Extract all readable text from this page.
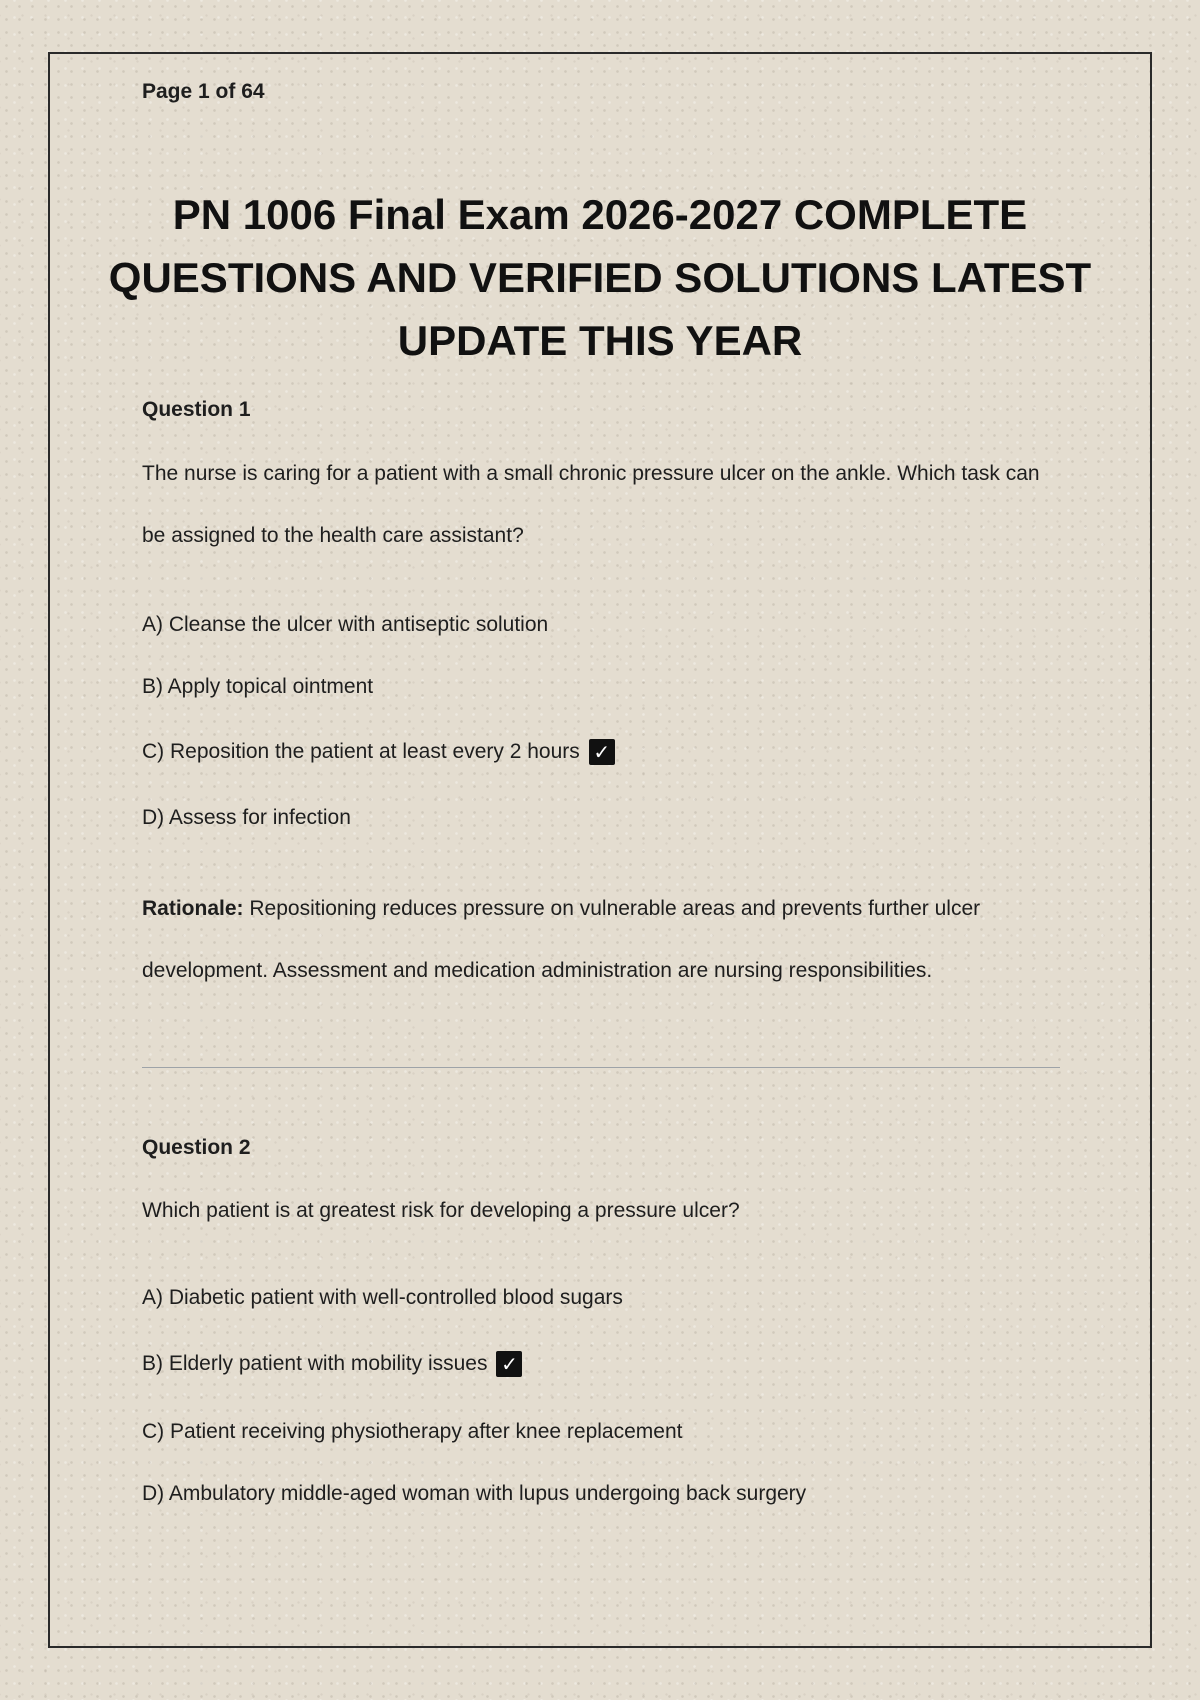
Page 1 of 64
PN 1006 Final Exam 2026-2027 COMPLETE QUESTIONS AND VERIFIED SOLUTIONS LATEST UPDATE THIS YEAR
Question 1
The nurse is caring for a patient with a small chronic pressure ulcer on the ankle. Which task can be assigned to the health care assistant?
A) Cleanse the ulcer with antiseptic solution
B) Apply topical ointment
C) Reposition the patient at least every 2 hours ✓
D) Assess for infection
Rationale: Repositioning reduces pressure on vulnerable areas and prevents further ulcer development. Assessment and medication administration are nursing responsibilities.
Question 2
Which patient is at greatest risk for developing a pressure ulcer?
A) Diabetic patient with well-controlled blood sugars
B) Elderly patient with mobility issues ✓
C) Patient receiving physiotherapy after knee replacement
D) Ambulatory middle-aged woman with lupus undergoing back surgery
